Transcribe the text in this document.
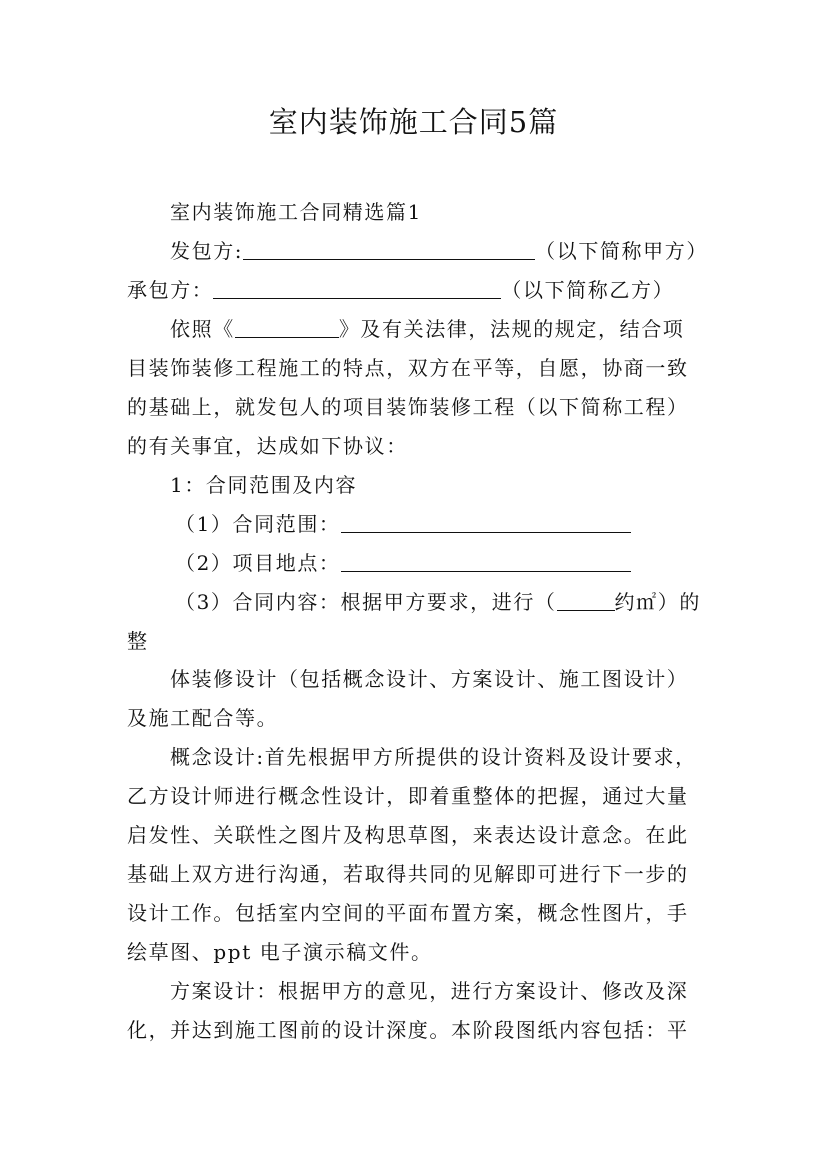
室内装饰施工合同5篇
室内装饰施工合同精选篇1
发包方:	（以下简称甲方）
承包方：	（以下简称乙方）
依照《	》及有关法律，法规的规定，结合项
目装饰装修工程施工的特点，双方在平等，自愿，协商一致
的基础上，就发包人的项目装饰装修工程（以下简称工程）
的有关事宜，达成如下协议：
1：合同范围及内容
（1）合同范围：
（2）项目地点：
（3）合同内容：根据甲方要求，进行（	约㎡）的
整
体装修设计（包括概念设计、方案设计、施工图设计）
及施工配合等。
概念设计:首先根据甲方所提供的设计资料及设计要求，
乙方设计师进行概念性设计，即着重整体的把握，通过大量
启发性、关联性之图片及构思草图，来表达设计意念。在此
基础上双方进行沟通，若取得共同的见解即可进行下一步的
设计工作。包括室内空间的平面布置方案，概念性图片，手
绘草图、ppt 电子演示稿文件。
方案设计：根据甲方的意见，进行方案设计、修改及深
化，并达到施工图前的设计深度。本阶段图纸内容包括：平
